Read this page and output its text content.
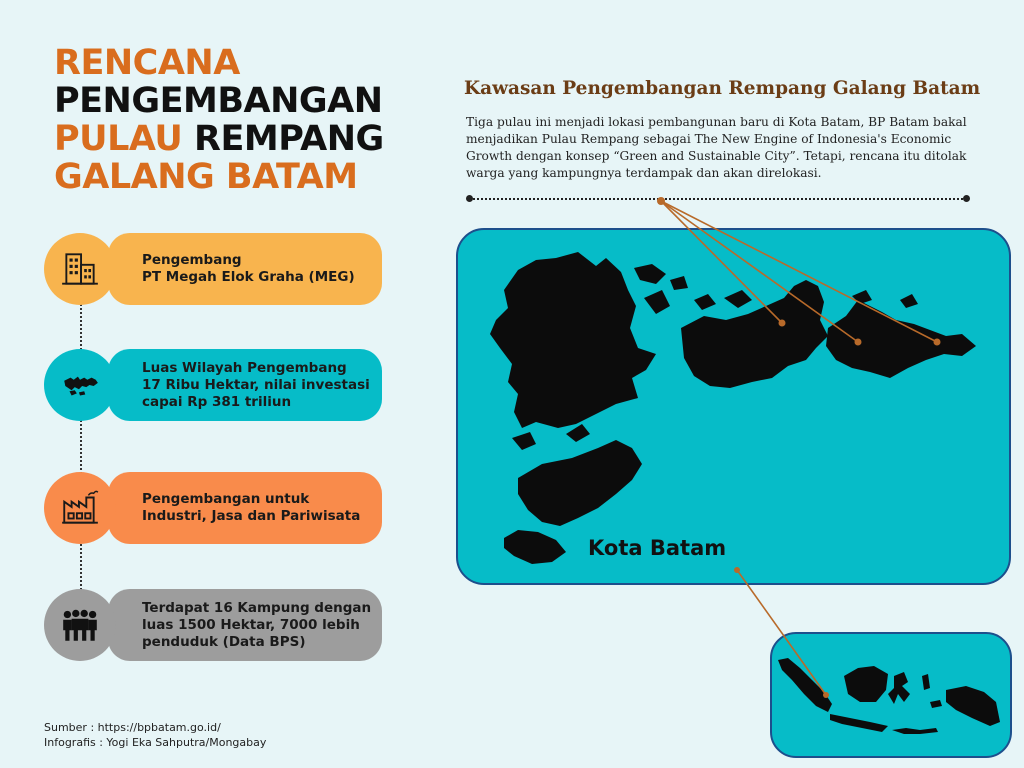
RENCANA
PENGEMBANGAN
PULAU REMPANG
GALANG BATAM
Pengembang
PT Megah Elok Graha (MEG)
Luas Wilayah Pengembang
17 Ribu Hektar, nilai investasi
capai Rp 381 triliun
Pengembangan untuk
Industri, Jasa dan Pariwisata
Terdapat 16 Kampung dengan
luas 1500 Hektar, 7000 lebih
penduduk (Data BPS)
Kawasan Pengembangan Rempang Galang Batam

Tiga pulau ini menjadi lokasi pembangunan baru di Kota Batam, BP Batam bakal menjadikan Pulau Rempang sebagai The New Engine of Indonesia's Economic Growth dengan konsep “Green and Sustainable City”. Tetapi, rencana itu ditolak warga yang kampungnya terdampak dan akan direlokasi.

Kota Batam

Sumber : https://bpbatam.go.id/
Infografis : Yogi Eka Sahputra/Mongabay
